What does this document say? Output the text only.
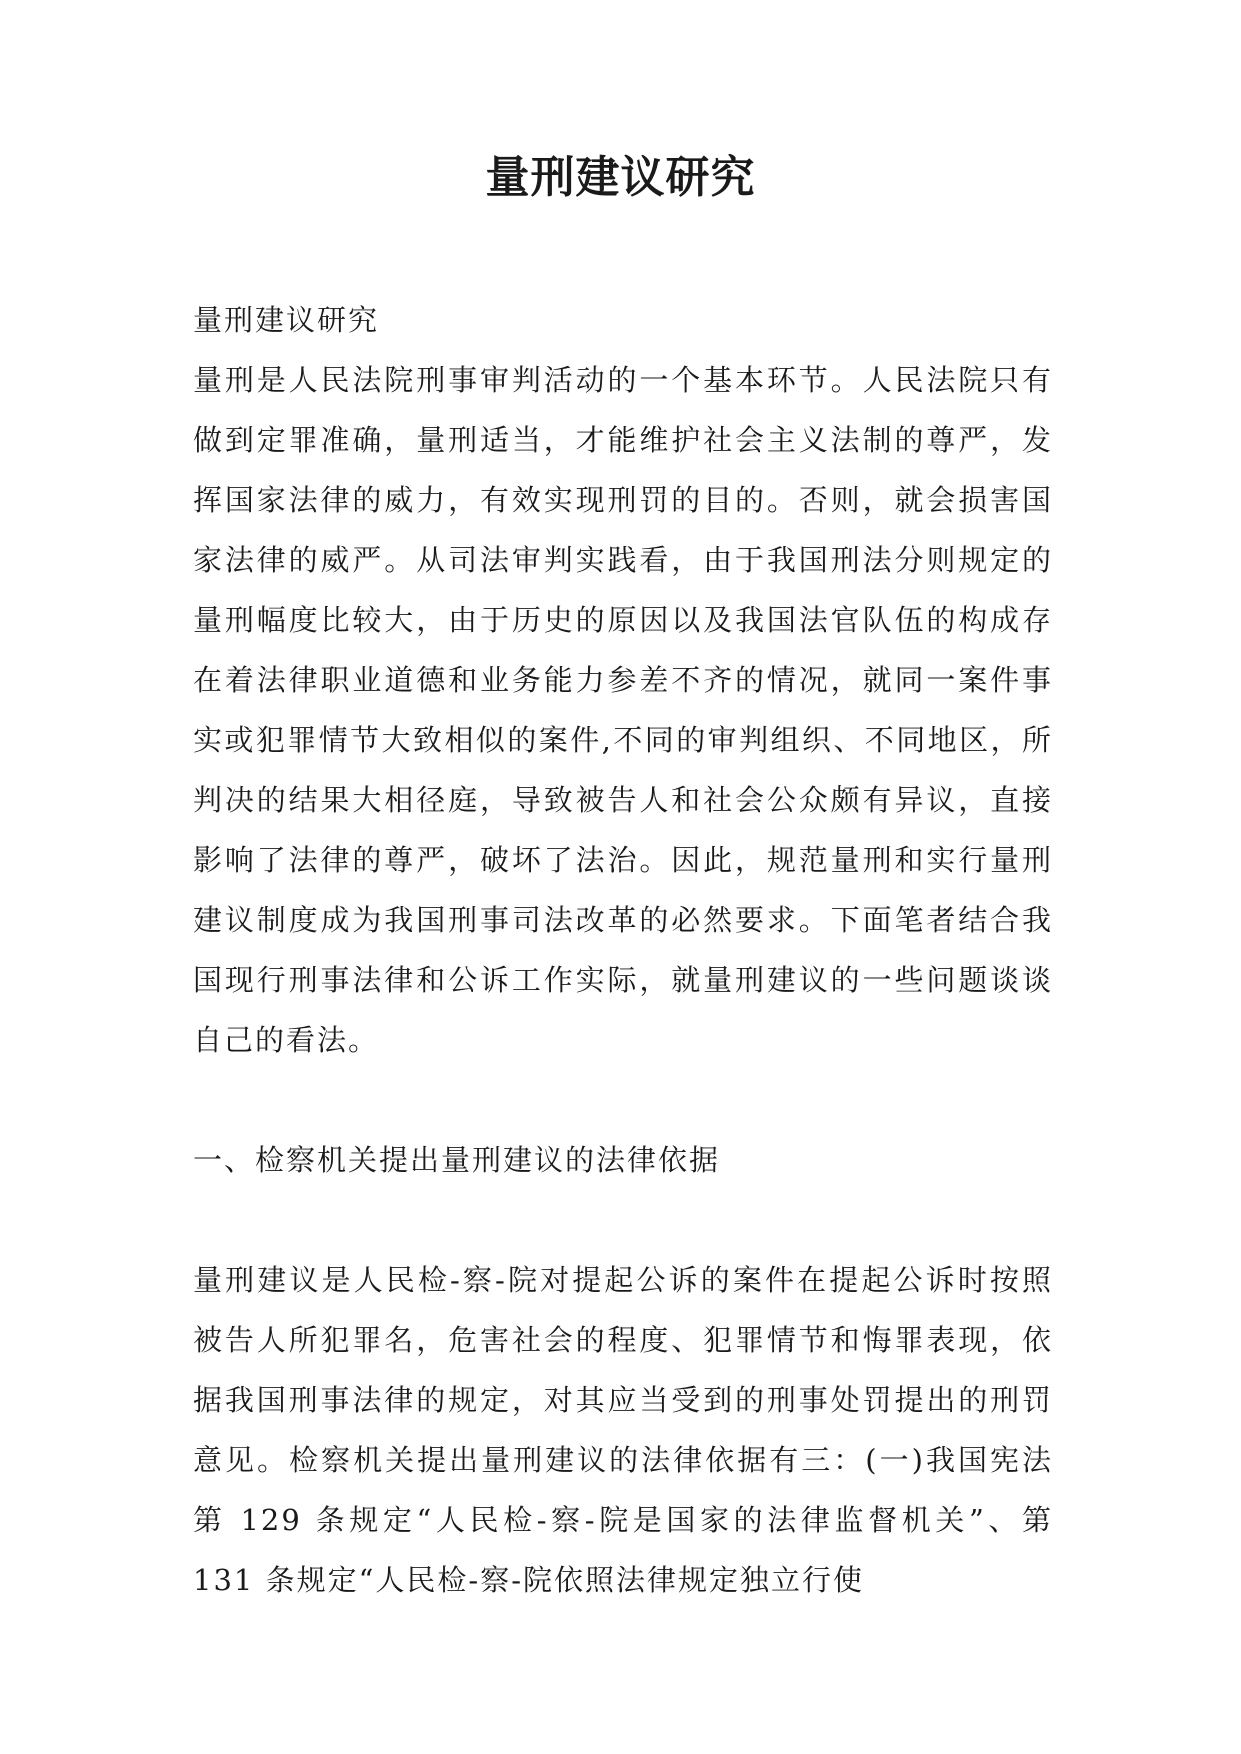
量刑建议研究

量刑建议研究

量刑是人民法院刑事审判活动的一个基本环节。人民法院只有做到定罪准确，量刑适当，才能维护社会主义法制的尊严，发挥国家法律的威力，有效实现刑罚的目的。否则，就会损害国家法律的威严。从司法审判实践看，由于我国刑法分则规定的量刑幅度比较大，由于历史的原因以及我国法官队伍的构成存在着法律职业道德和业务能力参差不齐的情况，就同一案件事实或犯罪情节大致相似的案件,不同的审判组织、不同地区，所判决的结果大相径庭，导致被告人和社会公众颇有异议，直接影响了法律的尊严，破坏了法治。因此，规范量刑和实行量刑建议制度成为我国刑事司法改革的必然要求。下面笔者结合我国现行刑事法律和公诉工作实际，就量刑建议的一些问题谈谈自己的看法。

一、检察机关提出量刑建议的法律依据

量刑建议是人民检-察-院对提起公诉的案件在提起公诉时按照被告人所犯罪名，危害社会的程度、犯罪情节和悔罪表现，依据我国刑事法律的规定，对其应当受到的刑事处罚提出的刑罚意见。检察机关提出量刑建议的法律依据有三：(一)我国宪法第 129 条规定“人民检-察-院是国家的法律监督机关”、第 131 条规定“人民检-察-院依照法律规定独立行使
